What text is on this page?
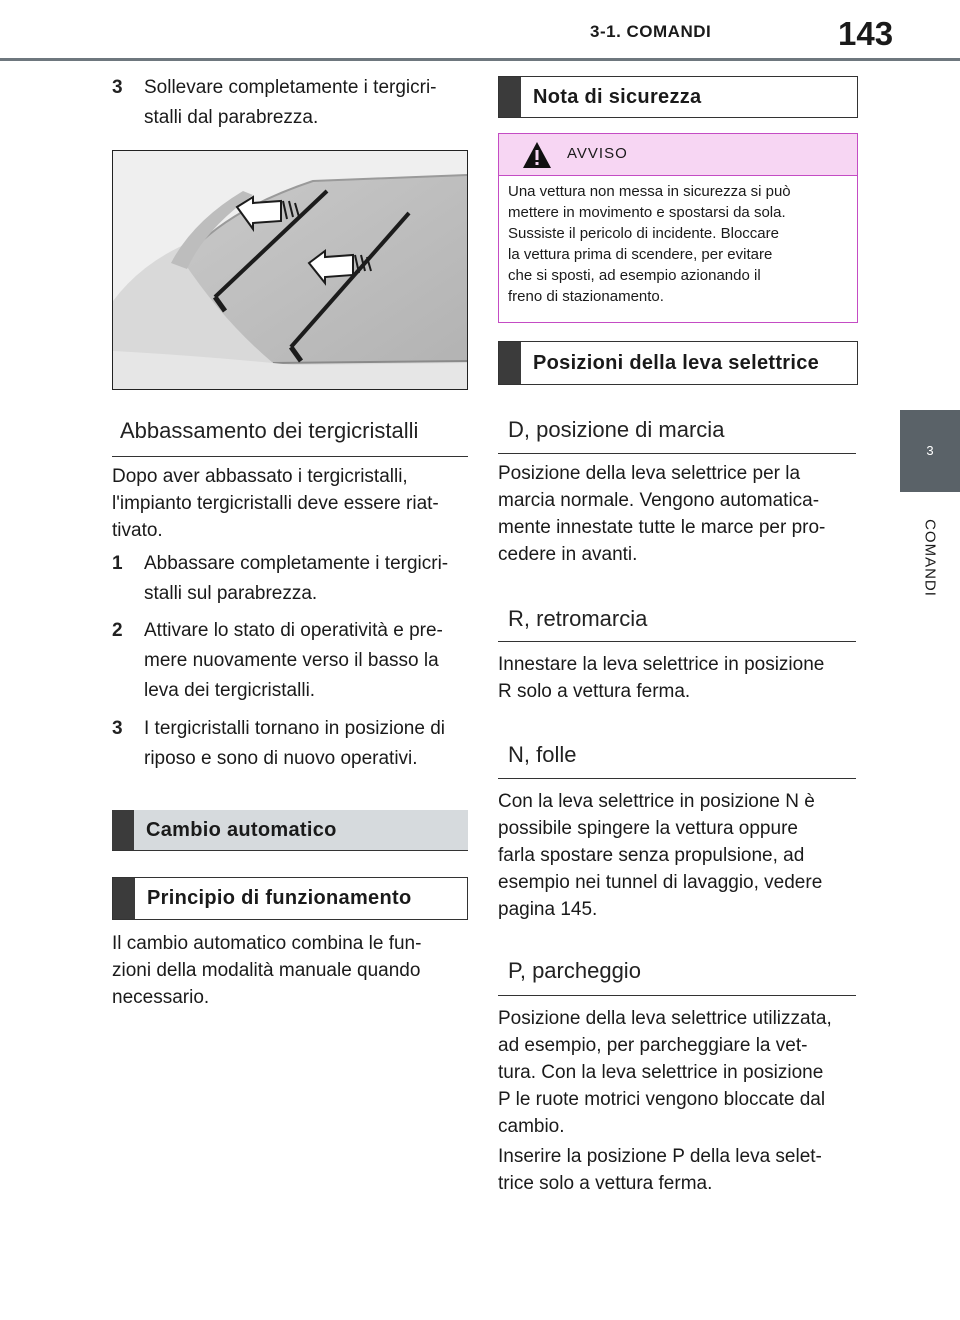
3-1. COMANDI	143
3
COMANDI
3 Sollevare completamente i tergicri-
stalli dal parabrezza.
Abbassamento dei tergicristalli

Dopo aver abbassato i tergicristalli,

l'impianto tergicristalli deve essere riat-

tivato.

1 Abbassare completamente i tergicri-
stalli sul parabrezza.
2 Attivare lo stato di operatività e pre-
mere nuovamente verso il basso la
leva dei tergicristalli.
3 I tergicristalli tornano in posizione di
riposo e sono di nuovo operativi.
Cambio automatico
Principio di funzionamento

Il cambio automatico combina le fun-

zioni della modalità manuale quando

necessario.

Nota di sicurezza
AVVISO
Una vettura non messa in sicurezza si può
mettere in movimento e spostarsi da sola.
Sussiste il pericolo di incidente. Bloccare
la vettura prima di scendere, per evitare
che si sposti, ad esempio azionando il
freno di stazionamento.
Posizioni della leva selettrice
D, posizione di marcia

Posizione della leva selettrice per la

marcia normale. Vengono automatica-

mente innestate tutte le marce per pro-

cedere in avanti.

R, retromarcia

Innestare la leva selettrice in posizione

R solo a vettura ferma.

N, folle

Con la leva selettrice in posizione N è

possibile spingere la vettura oppure

farla spostare senza propulsione, ad

esempio nei tunnel di lavaggio, vedere

pagina 145.

P, parcheggio

Posizione della leva selettrice utilizzata,

ad esempio, per parcheggiare la vet-

tura. Con la leva selettrice in posizione

P le ruote motrici vengono bloccate dal

cambio.

Inserire la posizione P della leva selet-

trice solo a vettura ferma.
